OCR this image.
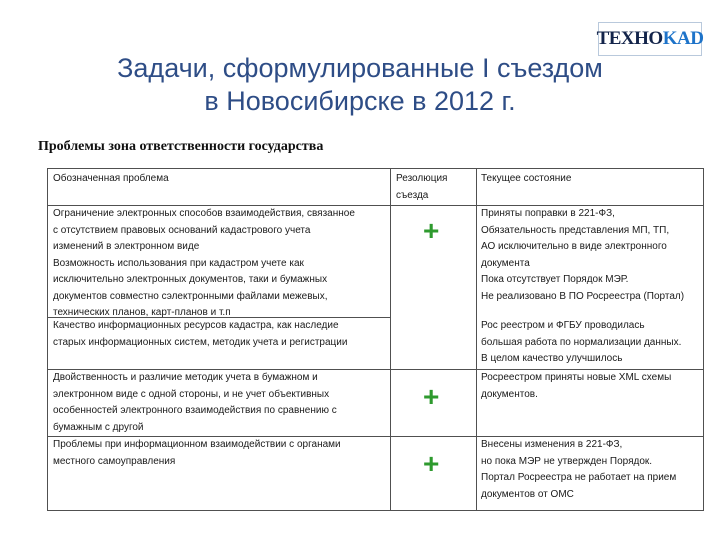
TEXHOKAD
Задачи, сформулированные I съездом
в Новосибирске в 2012 г.
Проблемы зона ответственности государства
Обозначенная проблема	Резолюция
съезда
Текущее состояние
Ограничение электронных способов взаимодействия, связанное
с отсутствием правовых оснований кадастрового учета
изменений в электронном виде
Возможность использования при кадастром учете как
исключительно электронных документов, таки и бумажных
документов совместно сэлектронными файлами межевых,
технических планов, карт-планов и т.п
+
Приняты поправки в 221-ФЗ,
Обязательность представления МП, ТП,
АО исключительно в виде электронного
документа
Пока отсутствует Порядок МЭР.
Не реализовано В ПО Росреестра (Портал)
Качество информационных ресурсов кадастра, как наследие
старых информационных систем, методик учета и регистрации
Рос реестром и ФГБУ проводилась
большая работа по нормализации данных.
В целом качество улучшилось
Двойственность и различие методик учета в бумажном и
электронном виде с одной стороны, и не учет объективных
особенностей электронного взаимодействия по сравнению с
бумажным с другой
+
Росреестром приняты новые XML схемы
документов.
Проблемы при информационном взаимодействии с органами
местного самоуправления	+
Внесены изменения в 221-ФЗ,
но пока МЭР не утвержден Порядок.
Портал Росреестра не работает на прием
документов от ОМС
